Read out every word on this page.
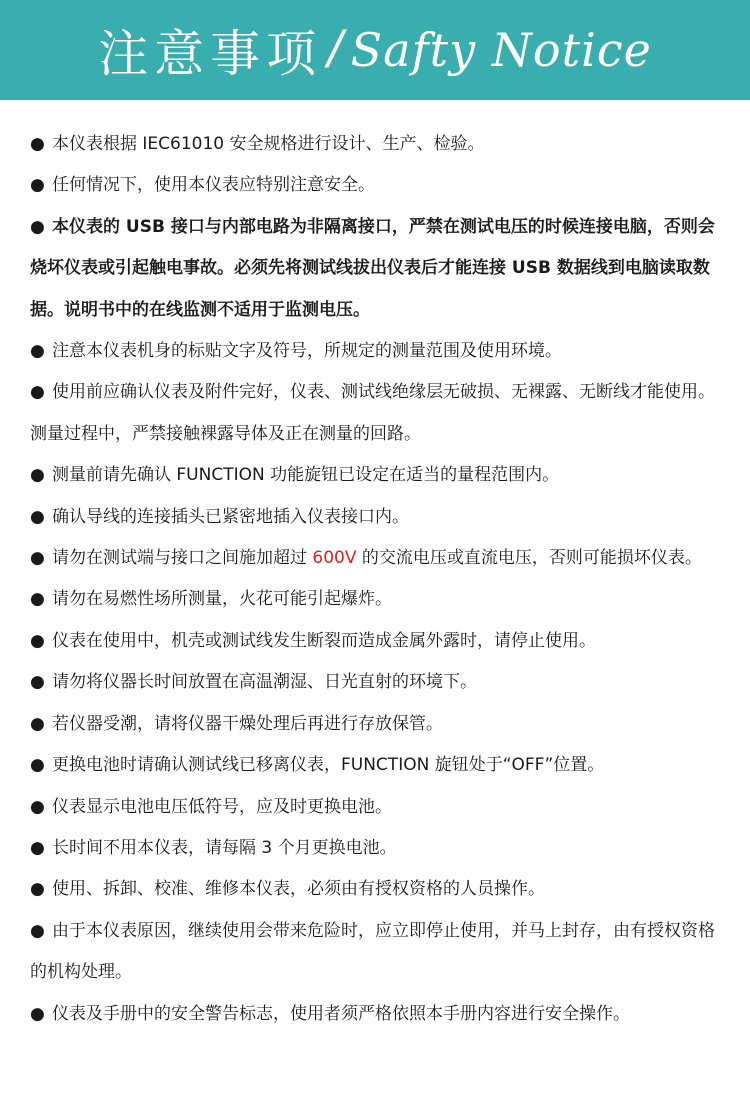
注意事项 / Safty Notice
● 本仪表根据 IEC61010 安全规格进行设计、生产、检验。
● 任何情况下，使用本仪表应特别注意安全。
● 本仪表的 USB 接口与内部电路为非隔离接口，严禁在测试电压的时候连接电脑，否则会烧坏仪表或引起触电事故。必须先将测试线拔出仪表后才能连接 USB 数据线到电脑读取数据。说明书中的在线监测不适用于监测电压。
● 注意本仪表机身的标贴文字及符号，所规定的测量范围及使用环境。
● 使用前应确认仪表及附件完好，仪表、测试线绝缘层无破损、无裸露、无断线才能使用。测量过程中，严禁接触裸露导体及正在测量的回路。
● 测量前请先确认 FUNCTION 功能旋钮已设定在适当的量程范围内。
● 确认导线的连接插头已紧密地插入仪表接口内。
● 请勿在测试端与接口之间施加超过 600V 的交流电压或直流电压，否则可能损坏仪表。
● 请勿在易燃性场所测量，火花可能引起爆炸。
● 仪表在使用中，机壳或测试线发生断裂而造成金属外露时，请停止使用。
● 请勿将仪器长时间放置在高温潮湿、日光直射的环境下。
● 若仪器受潮，请将仪器干燥处理后再进行存放保管。
● 更换电池时请确认测试线已移离仪表，FUNCTION 旋钮处于“OFF”位置。
● 仪表显示电池电压低符号，应及时更换电池。
● 长时间不用本仪表，请每隔 3 个月更换电池。
● 使用、拆卸、校准、维修本仪表，必须由有授权资格的人员操作。
● 由于本仪表原因，继续使用会带来危险时，应立即停止使用，并马上封存，由有授权资格的机构处理。
● 仪表及手册中的安全警告标志，使用者须严格依照本手册内容进行安全操作。
